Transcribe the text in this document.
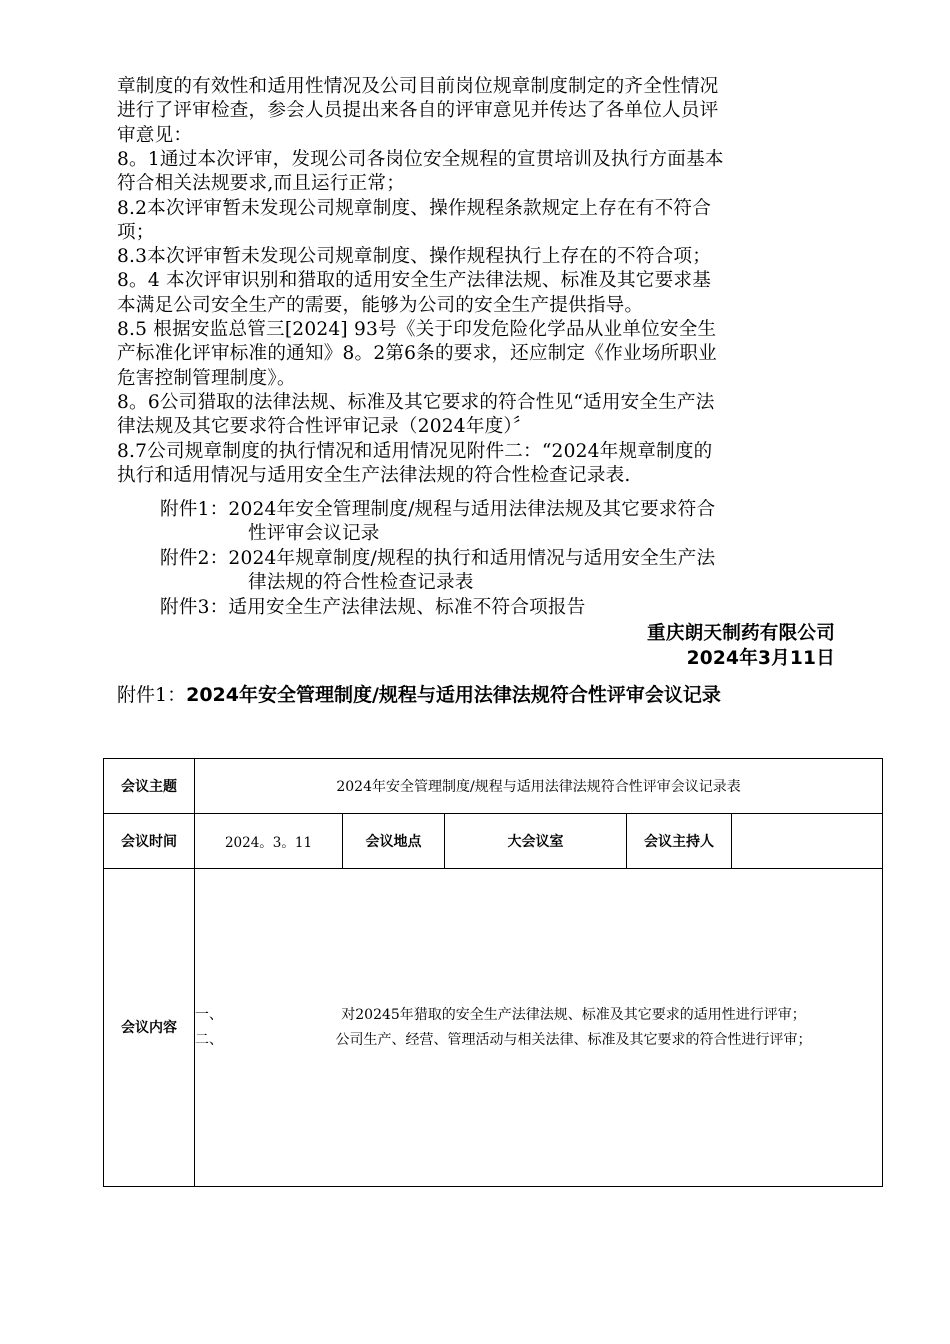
章制度的有效性和适用性情况及公司目前岗位规章制度制定的齐全性情况
进行了评审检查，参会人员提出来各自的评审意见并传达了各单位人员评
审意见：
8。1通过本次评审，发现公司各岗位安全规程的宣贯培训及执行方面基本
符合相关法规要求,而且运行正常；
8.2本次评审暂未发现公司规章制度、操作规程条款规定上存在有不符合
项；
8.3本次评审暂未发现公司规章制度、操作规程执行上存在的不符合项；
8。4 本次评审识别和猎取的适用安全生产法律法规、标准及其它要求基
本满足公司安全生产的需要，能够为公司的安全生产提供指导。
8.5 根据安监总管三[2024] 93号《关于印发危险化学品从业单位安全生
产标准化评审标准的通知》8。2第6条的要求，还应制定《作业场所职业
危害控制管理制度》。
8。6公司猎取的法律法规、标准及其它要求的符合性见“适用安全生产法
律法规及其它要求符合性评审记录（2024年度）〞
8.7公司规章制度的执行情况和适用情况见附件二：“2024年规章制度的
执行和适用情况与适用安全生产法律法规的符合性检查记录表.
附件1：2024年安全管理制度/规程与适用法律法规及其它要求符合
性评审会议记录
附件2：2024年规章制度/规程的执行和适用情况与适用安全生产法
律法规的符合性检查记录表
附件3：适用安全生产法律法规、标准不符合项报告
重庆朗天制药有限公司
2024年3月11日
附件1：2024年安全管理制度/规程与适用法律法规符合性评审会议记录
会议主题	2024年安全管理制度/规程与适用法律法规符合性评审会议记录表				
会议时间	2024。3。11	会议地点	大会议室	会议主持人	

会议内容	一、 对20245年猎取的安全生产法律法规、标准及其它要求的适用性进行评审；
二、 公司生产、经营、管理活动与相关法律、标准及其它要求的符合性进行评审；				
